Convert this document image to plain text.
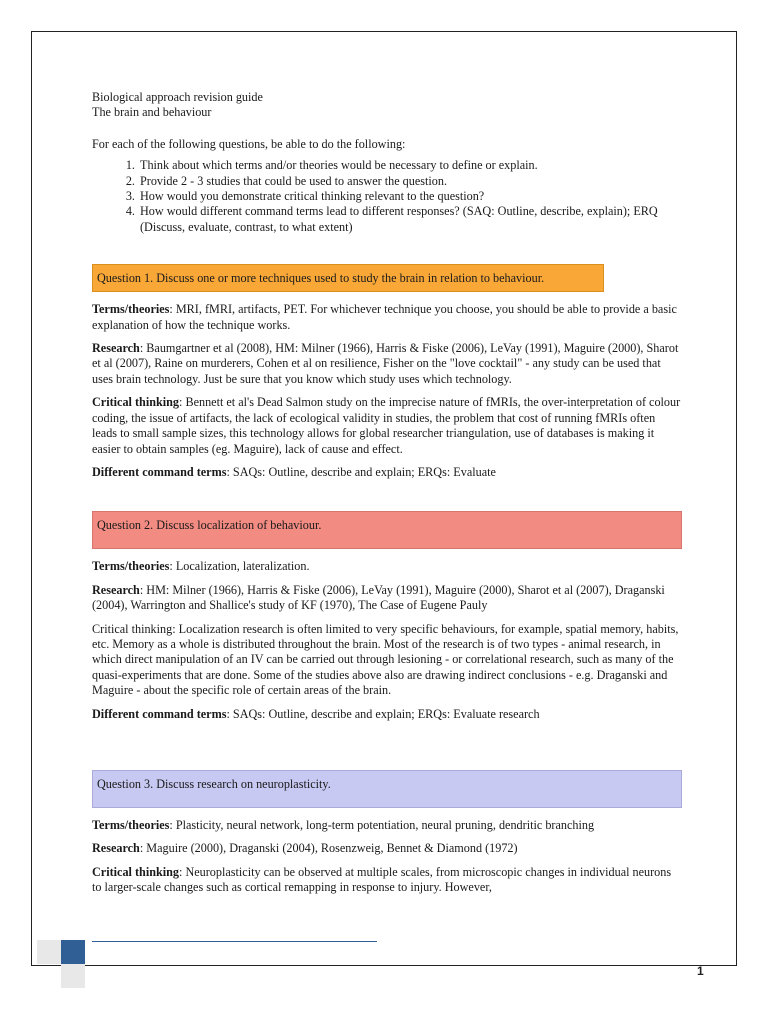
Biological approach revision guide

The brain and behaviour

For each of the following questions, be able to do the following:

1. Think about which terms and/or theories would be necessary to define or explain.
2. Provide 2 - 3 studies that could be used to answer the question.
3. How would you demonstrate critical thinking relevant to the question?
4. How would different command terms lead to different responses? (SAQ: Outline, describe, explain); ERQ (Discuss, evaluate, contrast, to what extent)
Question 1. Discuss one or more techniques used to study the brain in relation to behaviour.

Terms/theories: MRI, fMRI, artifacts, PET. For whichever technique you choose, you should be able to provide a basic explanation of how the technique works.

Research: Baumgartner et al (2008), HM: Milner (1966), Harris & Fiske (2006), LeVay (1991), Maguire (2000), Sharot et al (2007), Raine on murderers, Cohen et al on resilience, Fisher on the "love cocktail" - any study can be used that uses brain technology. Just be sure that you know which study uses which technology.

Critical thinking: Bennett et al's Dead Salmon study on the imprecise nature of fMRIs, the over-interpretation of colour coding, the issue of artifacts, the lack of ecological validity in studies, the problem that cost of running fMRIs often leads to small sample sizes, this technology allows for global researcher triangulation, use of databases is making it easier to obtain samples (eg. Maguire), lack of cause and effect.

Different command terms: SAQs: Outline, describe and explain; ERQs: Evaluate

Question 2. Discuss localization of behaviour.

Terms/theories: Localization, lateralization.

Research: HM: Milner (1966), Harris & Fiske (2006), LeVay (1991), Maguire (2000), Sharot et al (2007), Draganski (2004), Warrington and Shallice's study of KF (1970), The Case of Eugene Pauly

Critical thinking: Localization research is often limited to very specific behaviours, for example, spatial memory, habits, etc. Memory as a whole is distributed throughout the brain. Most of the research is of two types - animal research, in which direct manipulation of an IV can be carried out through lesioning - or correlational research, such as many of the quasi-experiments that are done. Some of the studies above also are drawing indirect conclusions - e.g. Draganski and Maguire - about the specific role of certain areas of the brain.

Different command terms: SAQs: Outline, describe and explain; ERQs: Evaluate research

Question 3. Discuss research on neuroplasticity.

Terms/theories: Plasticity, neural network, long-term potentiation, neural pruning, dendritic branching

Research: Maguire (2000), Draganski (2004), Rosenzweig, Bennet & Diamond (1972)

Critical thinking: Neuroplasticity can be observed at multiple scales, from microscopic changes in individual neurons to larger-scale changes such as cortical remapping in response to injury. However,

1
